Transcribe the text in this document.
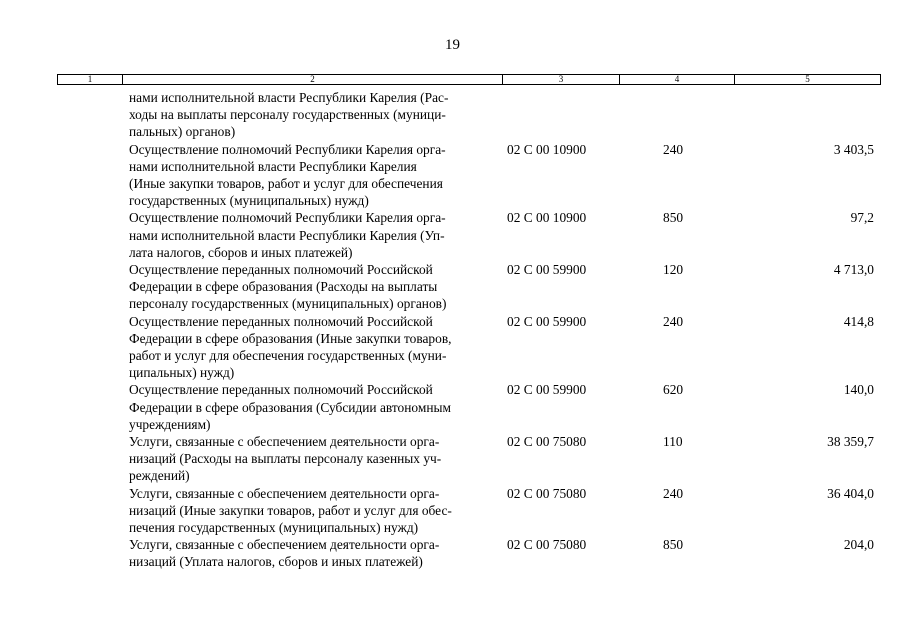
19
1	2	3	4	5
нами исполнительной власти Республики Карелия (Рас-
ходы на выплаты персоналу государственных (муници-
пальных) органов)
Осуществление полномочий Республики Карелия орга-
нами исполнительной власти Республики Карелия
(Иные закупки товаров, работ и услуг для обеспечения
государственных (муниципальных) нужд)
02 С 00 10900	240	3 403,5
Осуществление полномочий Республики Карелия орга-
нами исполнительной власти Республики Карелия (Уп-
лата налогов, сборов и иных платежей)
02 С 00 10900	850	97,2
Осуществление переданных полномочий Российской
Федерации в сфере образования (Расходы на выплаты
персоналу государственных (муниципальных) органов)
02 С 00 59900	120	4 713,0
Осуществление переданных полномочий Российской
Федерации в сфере образования (Иные закупки товаров,
работ и услуг для обеспечения государственных (муни-
ципальных) нужд)
02 С 00 59900	240	414,8
Осуществление переданных полномочий Российской
Федерации в сфере образования (Субсидии автономным
учреждениям)
02 С 00 59900	620	140,0
Услуги, связанные с обеспечением деятельности орга-
низаций (Расходы на выплаты персоналу казенных уч-
реждений)
02 С 00 75080	110	38 359,7
Услуги, связанные с обеспечением деятельности орга-
низаций (Иные закупки товаров, работ и услуг для обес-
печения государственных (муниципальных) нужд)
02 С 00 75080	240	36 404,0
Услуги, связанные с обеспечением деятельности орга-
низаций (Уплата налогов, сборов и иных платежей)
02 С 00 75080	850	204,0
